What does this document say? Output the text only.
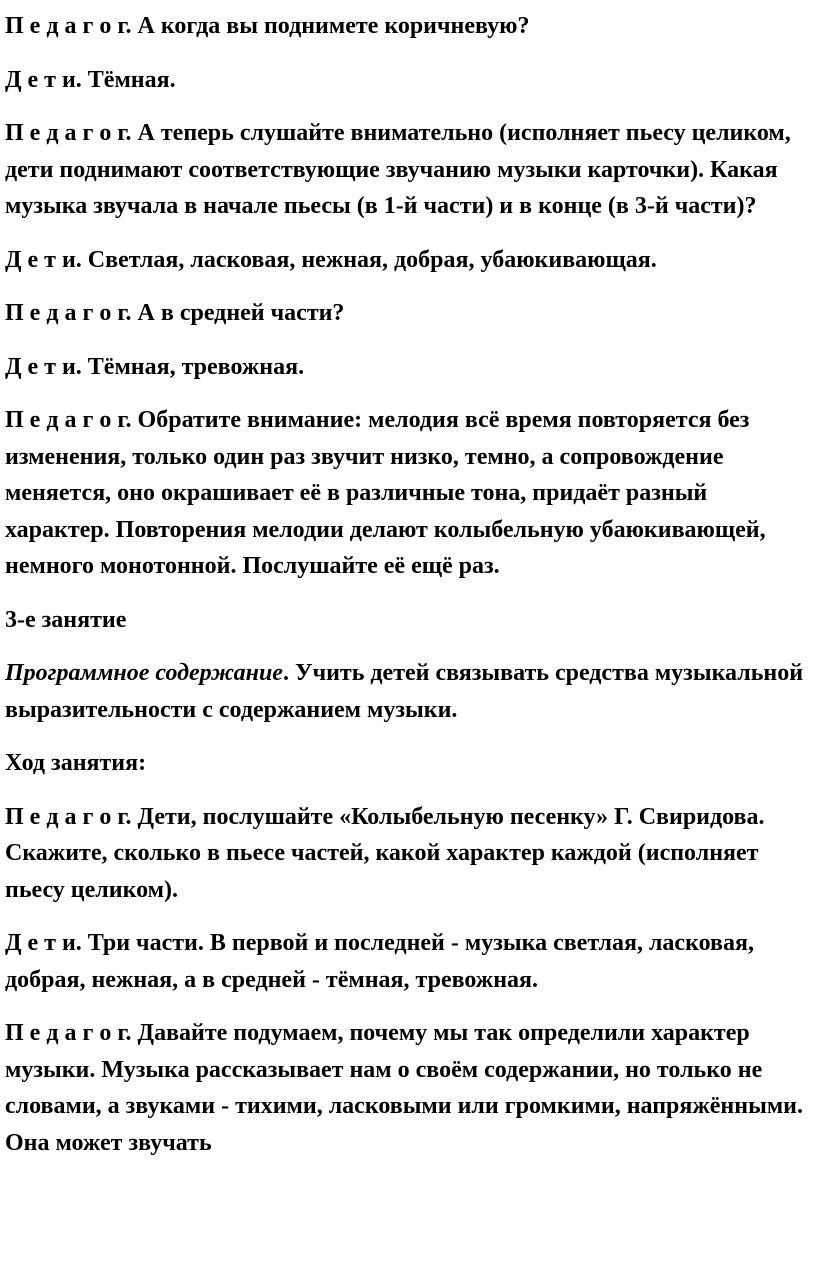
П е д а г о г. А когда вы поднимете коричневую?

Д е т и. Тёмная.

П е д а г о г. А теперь слушайте внимательно (исполняет пьесу целиком, дети поднимают соответствующие звучанию музыки карточки). Какая музыка звучала в начале пьесы (в 1-й части) и в конце (в 3-й части)?

Д е т и. Светлая, ласковая, нежная, добрая, убаюкивающая.

П е д а г о г. А в средней части?

Д е т и. Тёмная, тревожная.

П е д а г о г. Обратите внимание: мелодия всё время повторяется без изменения, только один раз звучит низко, темно, а сопровождение меняется, оно окрашивает её в различные тона, придаёт разный характер. Повторения мелодии делают колыбельную убаюкивающей, немного монотонной. Послушайте её ещё раз.

3-е занятие

Программное содержание. Учить детей связывать средства музыкальной выразительности с содержанием музыки.

Ход занятия:

П е д а г о г. Дети, послушайте «Колыбельную песенку» Г. Свиридова. Скажите, сколько в пьесе частей, какой характер каждой (исполняет пьесу целиком).

Д е т и. Три части. В первой и последней - музыка светлая, ласковая, добрая, нежная, а в средней - тёмная, тревожная.

П е д а г о г. Давайте подумаем, почему мы так определили характер музыки. Музыка рассказывает нам о своём содержании, но только не словами, а звуками - тихими, ласковыми или громкими, напряжёнными. Она может звучать
